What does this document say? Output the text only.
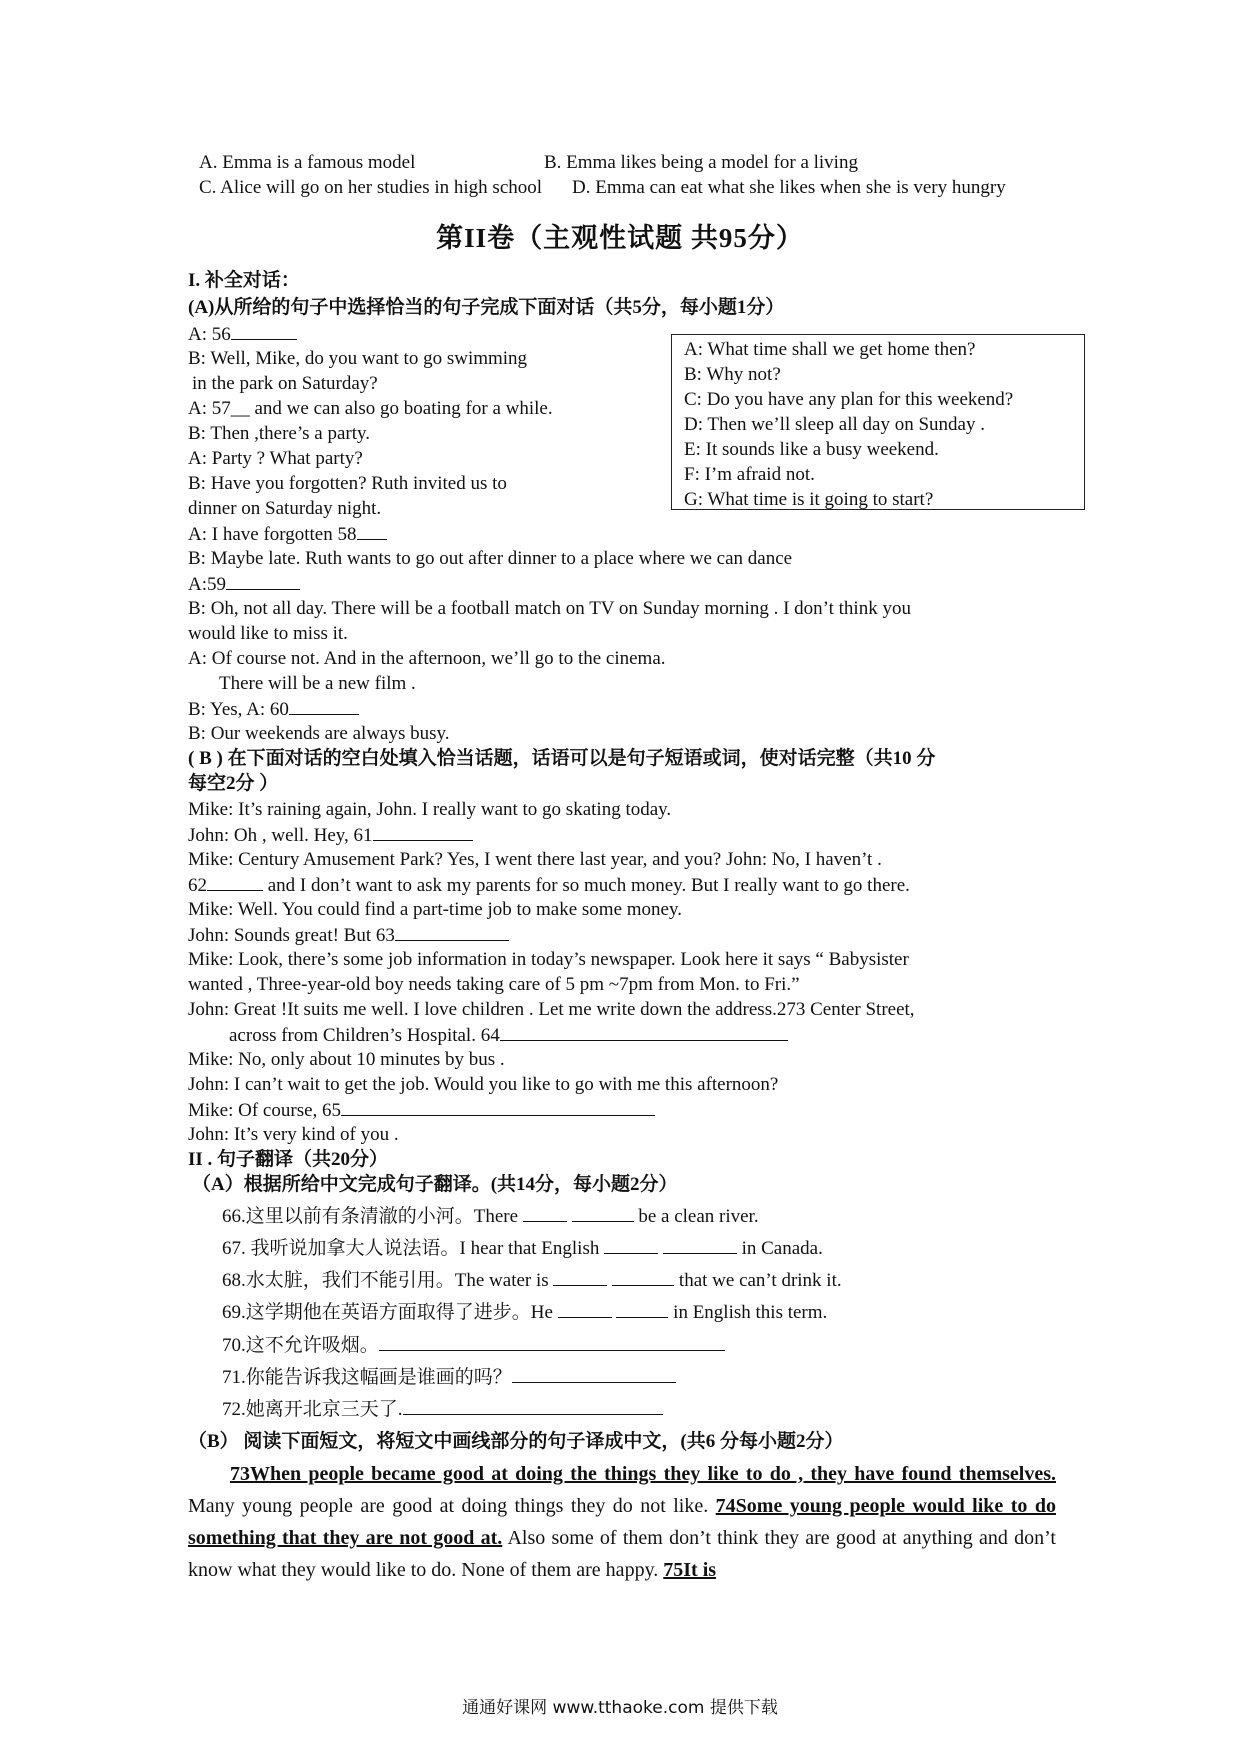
A. Emma is a famous model	B. Emma likes being a model for a living
C. Alice will go on her studies in high school D. Emma can eat what she likes when she is very hungry
第II卷（主观性试题 共95分）
I. 补全对话：
(A)从所给的句子中选择恰当的句子完成下面对话（共5分，每小题1分）
A: What time shall we get home then?
B: Why not?
C: Do you have any plan for this weekend?
D: Then we’ll sleep all day on Sunday .
E: It sounds like a busy weekend.
F: I’m afraid not.
G: What time is it going to start?
A: 56
B: Well, Mike, do you want to go swimming
in the park on Saturday?
A: 57__ and we can also go boating for a while.
B: Then ,there’s a party.
A: Party ? What party?
B: Have you forgotten? Ruth invited us to
dinner on Saturday night.
A: I have forgotten 58
B: Maybe late. Ruth wants to go out after dinner to a place where we can dance
A:59
B: Oh, not all day. There will be a football match on TV on Sunday morning . I don’t think you
would like to miss it.
A: Of course not. And in the afternoon, we’ll go to the cinema.
There will be a new film .
B: Yes, A: 60
B: Our weekends are always busy.
( B ) 在下面对话的空白处填入恰当话题，话语可以是句子短语或词，使对话完整（共10 分
每空2分 ）
Mike: It’s raining again, John. I really want to go skating today.
John: Oh , well. Hey, 61
Mike: Century Amusement Park? Yes, I went there last year, and you? John: No, I haven’t .
62	and I don’t want to ask my parents for so much money. But I really want to go there.
Mike: Well. You could find a part-time job to make some money.
John: Sounds great! But 63
Mike: Look, there’s some job information in today’s newspaper. Look here it says “ Babysister
wanted , Three-year-old boy needs taking care of 5 pm ~7pm from Mon. to Fri.”
John: Great !It suits me well. I love children . Let me write down the address.273 Center Street,
across from Children’s Hospital. 64
Mike: No, only about 10 minutes by bus .
John: I can’t wait to get the job. Would you like to go with me this afternoon?
Mike: Of course, 65
John: It’s very kind of you .
II . 句子翻译（共20分）
（A）根据所给中文完成句子翻译。(共14分，每小题2分）
66.这里以前有条清澈的小河。There	be a clean river.
67. 我听说加拿大人说法语。I hear that English	in Canada.
68.水太脏，我们不能引用。The water is	that we can’t drink it.
69.这学期他在英语方面取得了进步。He	in English this term.
70.这不允许吸烟。
71.你能告诉我这幅画是谁画的吗？
72.她离开北京三天了.
（B） 阅读下面短文，将短文中画线部分的句子译成中文，(共6 分每小题2分）
73When people became good at doing the things they like to do , they have found themselves. Many young people are good at doing things they do not like. 74Some young people would like to do something that they are not good at. Also some of them don’t think they are good at anything and don’t know what they would like to do. None of them are happy. 75It is
通通好课网 www.tthaoke.com 提供下载
